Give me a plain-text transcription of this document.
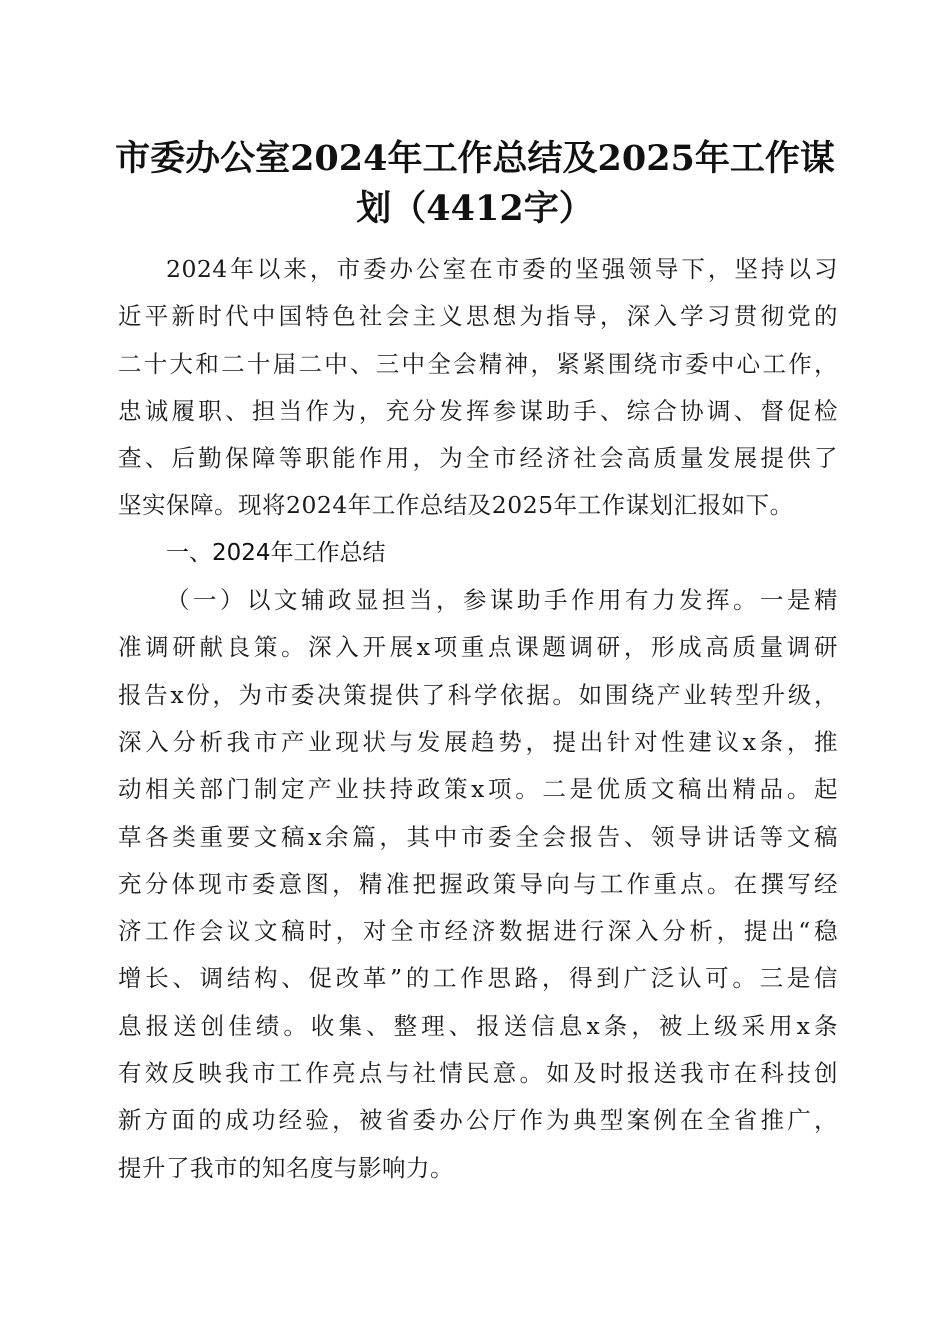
市委办公室2024年工作总结及2025年工作谋
划（4412字）
2024年以来，市委办公室在市委的坚强领导下，坚持以习
近平新时代中国特色社会主义思想为指导，深入学习贯彻党的
二十大和二十届二中、三中全会精神，紧紧围绕市委中心工作，
忠诚履职、担当作为，充分发挥参谋助手、综合协调、督促检
查、后勤保障等职能作用，为全市经济社会高质量发展提供了
坚实保障。现将2024年工作总结及2025年工作谋划汇报如下。
一、2024年工作总结
（一）以文辅政显担当，参谋助手作用有力发挥。一是精
准调研献良策。深入开展x项重点课题调研，形成高质量调研
报告x份，为市委决策提供了科学依据。如围绕产业转型升级，
深入分析我市产业现状与发展趋势，提出针对性建议x条，推
动相关部门制定产业扶持政策x项。二是优质文稿出精品。起
草各类重要文稿x余篇，其中市委全会报告、领导讲话等文稿
充分体现市委意图，精准把握政策导向与工作重点。在撰写经
济工作会议文稿时，对全市经济数据进行深入分析，提出“稳
增长、调结构、促改革”的工作思路，得到广泛认可。三是信
息报送创佳绩。收集、整理、报送信息x条，被上级采用x条
有效反映我市工作亮点与社情民意。如及时报送我市在科技创
新方面的成功经验，被省委办公厅作为典型案例在全省推广，
提升了我市的知名度与影响力。
